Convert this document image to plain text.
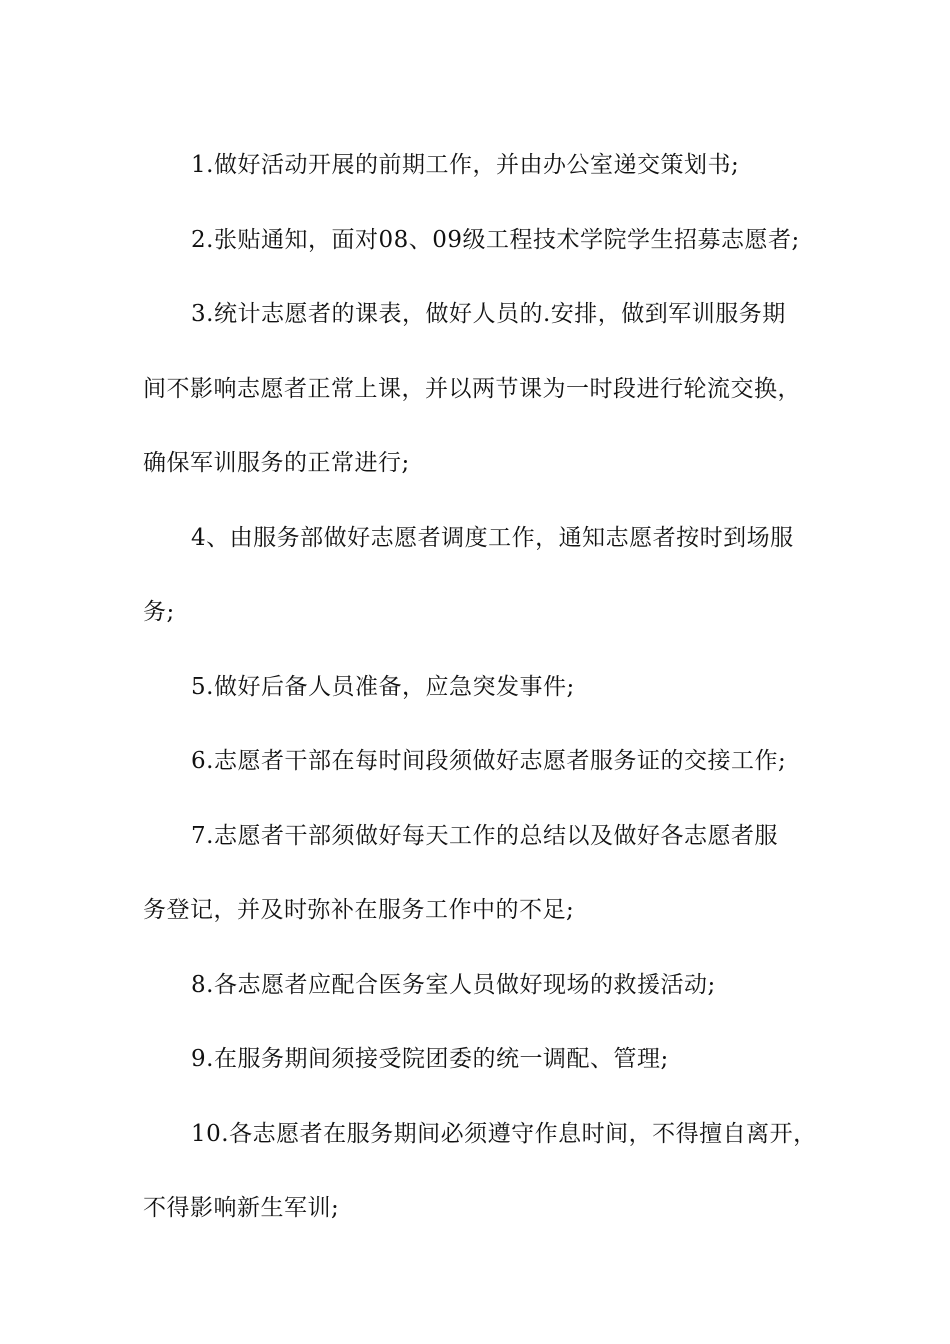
1.做好活动开展的前期工作，并由办公室递交策划书;
2.张贴通知，面对08、09级工程技术学院学生招募志愿者;
3.统计志愿者的课表，做好人员的.安排，做到军训服务期
间不影响志愿者正常上课，并以两节课为一时段进行轮流交换，
确保军训服务的正常进行;
4、由服务部做好志愿者调度工作，通知志愿者按时到场服
务;
5.做好后备人员准备，应急突发事件;
6.志愿者干部在每时间段须做好志愿者服务证的交接工作;
7.志愿者干部须做好每天工作的总结以及做好各志愿者服
务登记，并及时弥补在服务工作中的不足;
8.各志愿者应配合医务室人员做好现场的救援活动;
9.在服务期间须接受院团委的统一调配、管理;
10.各志愿者在服务期间必须遵守作息时间，不得擅自离开，
不得影响新生军训;
